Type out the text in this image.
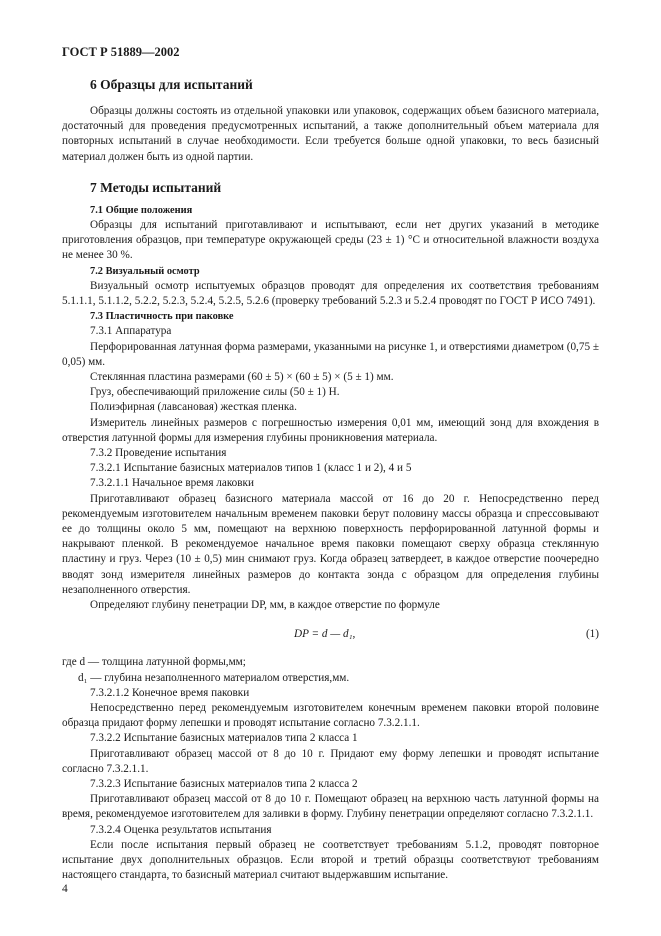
ГОСТ Р 51889—2002
6 Образцы для испытаний

Образцы должны состоять из отдельной упаковки или упаковок, содержащих объем базисного материала, достаточный для проведения предусмотренных испытаний, а также дополнительный объем материала для повторных испытаний в случае необходимости. Если требуется больше одной упаковки, то весь базисный материал должен быть из одной партии.

7 Методы испытаний

7.1 Общие положения

Образцы для испытаний приготавливают и испытывают, если нет других указаний в методике приготовления образцов, при температуре окружающей среды (23 ± 1) °С и относительной влажности воздуха не менее 30 %.

7.2 Визуальный осмотр

Визуальный осмотр испытуемых образцов проводят для определения их соответствия требованиям 5.1.1.1, 5.1.1.2, 5.2.2, 5.2.3, 5.2.4, 5.2.5, 5.2.6 (проверку требований 5.2.3 и 5.2.4 проводят по ГОСТ Р ИСО 7491).

7.3 Пластичность при паковке

7.3.1 Аппаратура

Перфорированная латунная форма размерами, указанными на рисунке 1, и отверстиями диаметром (0,75 ± 0,05) мм.

Стеклянная пластина размерами (60 ± 5) × (60 ± 5) × (5 ± 1) мм.

Груз, обеспечивающий приложение силы (50 ± 1) Н.

Полиэфирная (лавсановая) жесткая пленка.

Измеритель линейных размеров с погрешностью измерения 0,01 мм, имеющий зонд для вхождения в отверстия латунной формы для измерения глубины проникновения материала.

7.3.2 Проведение испытания

7.3.2.1 Испытание базисных материалов типов 1 (класс 1 и 2), 4 и 5

7.3.2.1.1 Начальное время лаковки

Приготавливают образец базисного материала массой от 16 до 20 г. Непосредственно перед рекомендуемым изготовителем начальным временем паковки берут половину массы образца и спрессовывают ее до толщины около 5 мм, помещают на верхнюю поверхность перфорированной латунной формы и накрывают пленкой. В рекомендуемое начальное время паковки помещают сверху образца стеклянную пластину и груз. Через (10 ± 0,5) мин снимают груз. Когда образец затвердеет, в каждое отверстие поочередно вводят зонд измерителя линейных размеров до контакта зонда с образцом для определения глубины незаполненного отверстия.

Определяют глубину пенетрации DP, мм, в каждое отверстие по формуле

DP = d — d₁,	(1)

где d — толщина латунной формы,мм;

d₁ — глубина незаполненного материалом отверстия,мм.

7.3.2.1.2 Конечное время паковки

Непосредственно перед рекомендуемым изготовителем конечным временем паковки второй половине образца придают форму лепешки и проводят испытание согласно 7.3.2.1.1.

7.3.2.2 Испытание базисных материалов типа 2 класса 1

Приготавливают образец массой от 8 до 10 г. Придают ему форму лепешки и проводят испытание согласно 7.3.2.1.1.

7.3.2.3 Испытание базисных материалов типа 2 класса 2

Приготавливают образец массой от 8 до 10 г. Помещают образец на верхнюю часть латунной формы на время, рекомендуемое изготовителем для заливки в форму. Глубину пенетрации определяют согласно 7.3.2.1.1.

7.3.2.4 Оценка результатов испытания

Если после испытания первый образец не соответствует требованиям 5.1.2, проводят повторное испытание двух дополнительных образцов. Если второй и третий образцы соответствуют требованиям настоящего стандарта, то базисный материал считают выдержавшим испытание.

4
